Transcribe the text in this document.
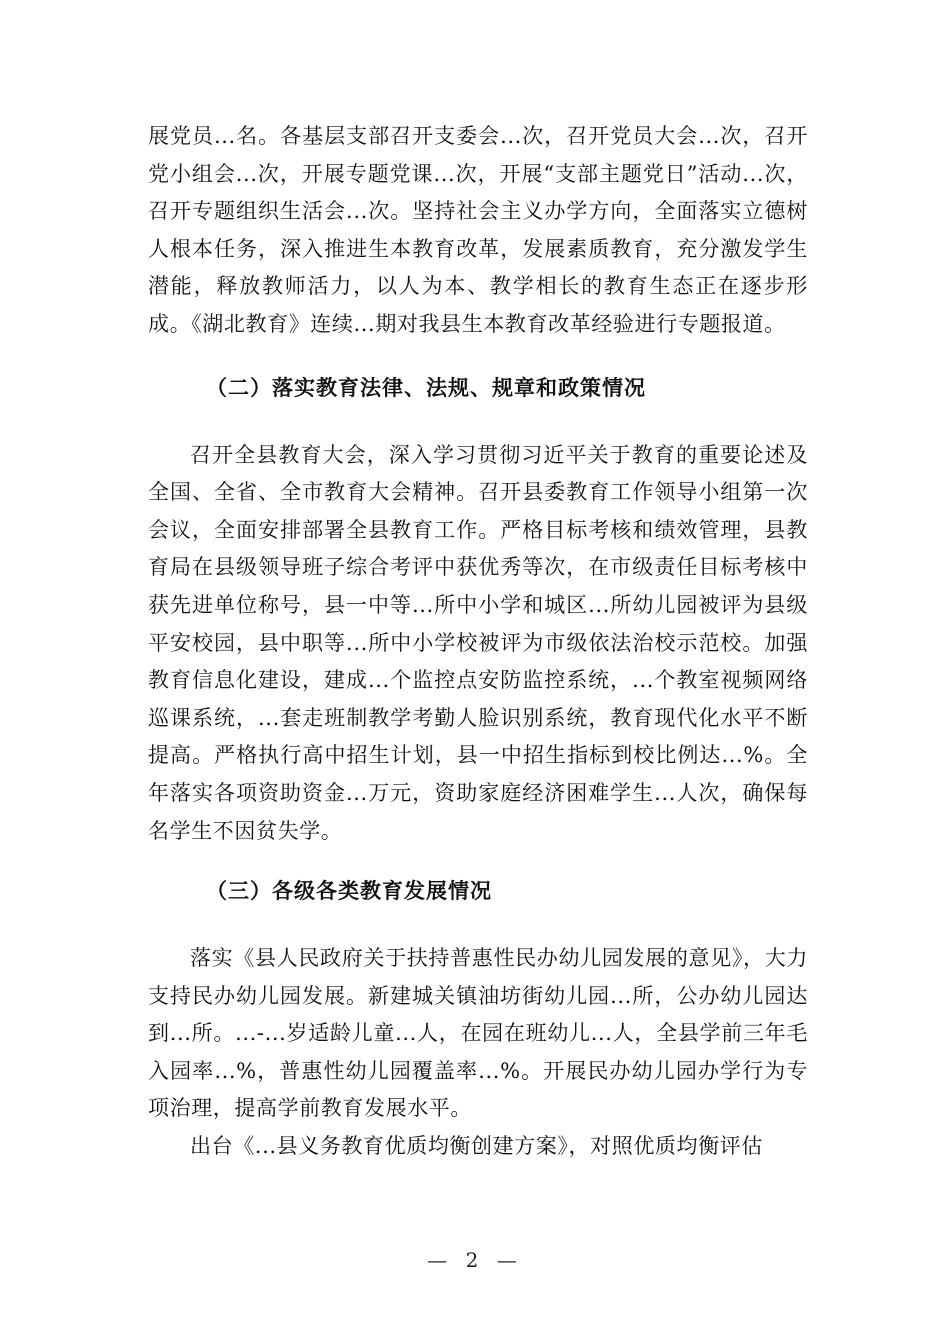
展党员...名。各基层支部召开支委会...次，召开党员大会...次，召开党小组会...次，开展专题党课...次，开展“支部主题党日”活动...次，召开专题组织生活会...次。坚持社会主义办学方向，全面落实立德树人根本任务，深入推进生本教育改革，发展素质教育，充分激发学生潜能，释放教师活力，以人为本、教学相长的教育生态正在逐步形成。《湖北教育》连续...期对我县生本教育改革经验进行专题报道。

（二）落实教育法律、法规、规章和政策情况

召开全县教育大会，深入学习贯彻习近平关于教育的重要论述及全国、全省、全市教育大会精神。召开县委教育工作领导小组第一次会议，全面安排部署全县教育工作。严格目标考核和绩效管理，县教育局在县级领导班子综合考评中获优秀等次，在市级责任目标考核中获先进单位称号，县一中等...所中小学和城区...所幼儿园被评为县级平安校园，县中职等...所中小学校被评为市级依法治校示范校。加强教育信息化建设，建成...个监控点安防监控系统，...个教室视频网络巡课系统，...套走班制教学考勤人脸识别系统，教育现代化水平不断提高。严格执行高中招生计划，县一中招生指标到校比例达...%。全年落实各项资助资金...万元，资助家庭经济困难学生...人次，确保每名学生不因贫失学。

（三）各级各类教育发展情况

落实《县人民政府关于扶持普惠性民办幼儿园发展的意见》，大力支持民办幼儿园发展。新建城关镇油坊街幼儿园...所，公办幼儿园达到...所。...-...岁适龄儿童...人，在园在班幼儿...人，全县学前三年毛入园率...%，普惠性幼儿园覆盖率...%。开展民办幼儿园办学行为专项治理，提高学前教育发展水平。

出台《...县义务教育优质均衡创建方案》，对照优质均衡评估

— 2 —
